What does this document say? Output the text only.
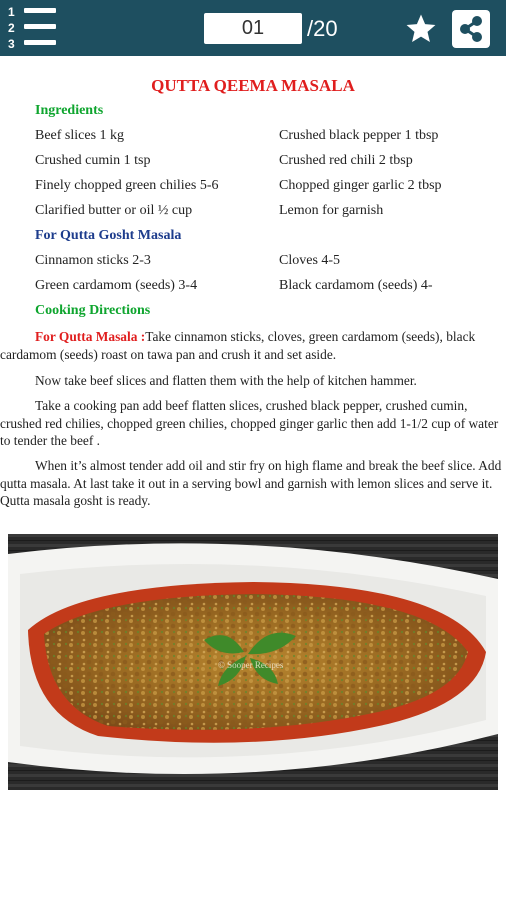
1
2
3
01	/20
QUTTA QEEMA MASALA
Ingredients
Beef slices 1 kg	Crushed black pepper 1 tbsp
Crushed cumin 1 tsp	Crushed red chili 2 tbsp
Finely chopped green chilies 5-6	Chopped ginger garlic 2 tbsp
Clarified butter or oil ½ cup	Lemon for garnish
For Qutta Gosht Masala
Cinnamon sticks 2-3	Cloves 4-5
Green cardamom (seeds) 3-4	Black cardamom (seeds) 4-
Cooking Directions
For Qutta Masala :Take cinnamon sticks, cloves, green cardamom (seeds), black cardamom (seeds) roast on tawa pan and crush it and set aside.
Now take beef slices and flatten them with the help of kitchen hammer.
Take a cooking pan add beef flatten slices, crushed black pepper, crushed cumin, crushed red chilies, chopped green chilies, chopped ginger garlic then add 1-1/2 cup of water to tender the beef .
When it’s almost tender add oil and stir fry on high flame and break the beef slice. Add qutta masala. At last take it out in a serving bowl and garnish with lemon slices and serve it. Qutta masala gosht is ready.
© Sooper Recipes
